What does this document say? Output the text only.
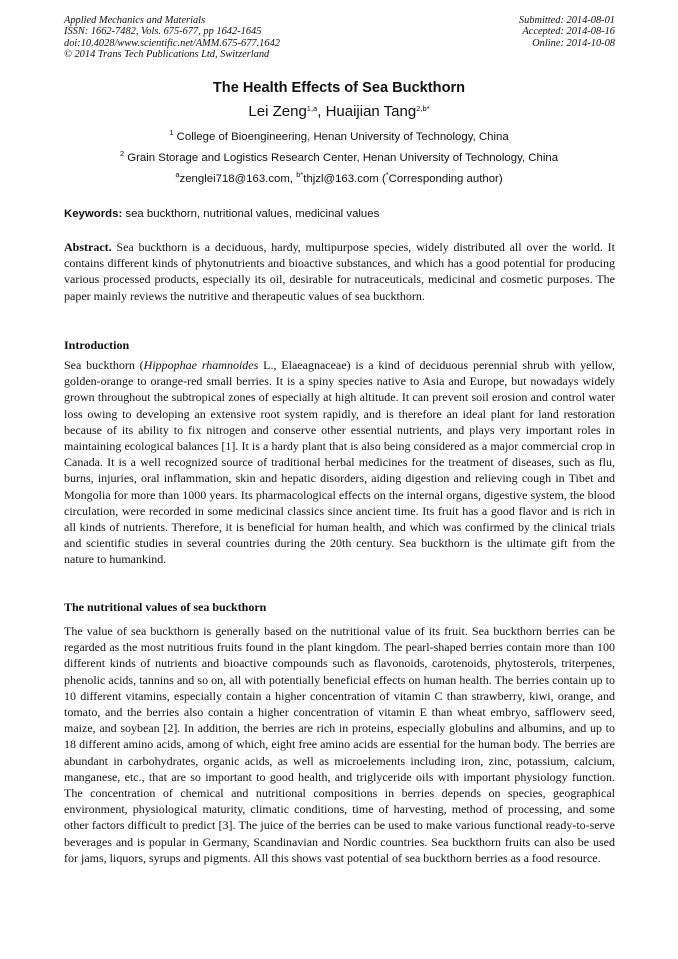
Applied Mechanics and Materials
ISSN: 1662-7482, Vols. 675-677, pp 1642-1645
doi:10.4028/www.scientific.net/AMM.675-677.1642
© 2014 Trans Tech Publications Ltd, Switzerland
Submitted: 2014-08-01
Accepted: 2014-08-16
Online: 2014-10-08
The Health Effects of Sea Buckthorn
Lei Zeng$^{1,a}$, Huaijian Tang$^{2,b*}$
$^1$ College of Bioengineering, Henan University of Technology, China
$^2$ Grain Storage and Logistics Research Center, Henan University of Technology, China
$^a$zenglei718@163.com, $^{b*}$thjzl@163.com (*Corresponding author)
Keywords: sea buckthorn, nutritional values, medicinal values
Abstract. Sea buckthorn is a deciduous, hardy, multipurpose species, widely distributed all over the world. It contains different kinds of phytonutrients and bioactive substances, and which has a good potential for producing various processed products, especially its oil, desirable for nutraceuticals, medicinal and cosmetic purposes. The paper mainly reviews the nutritive and therapeutic values of sea buckthorn.
Introduction
Sea buckthorn (Hippophae rhamnoides L., Elaeagnaceae) is a kind of deciduous perennial shrub with yellow, golden-orange to orange-red small berries. It is a spiny species native to Asia and Europe, but nowadays widely grown throughout the subtropical zones of especially at high altitude. It can prevent soil erosion and control water loss owing to developing an extensive root system rapidly, and is therefore an ideal plant for land restoration because of its ability to fix nitrogen and conserve other essential nutrients, and plays very important roles in maintaining ecological balances [1]. It is a hardy plant that is also being considered as a major commercial crop in Canada. It is a well recognized source of traditional herbal medicines for the treatment of diseases, such as flu, burns, injuries, oral inflammation, skin and hepatic disorders, aiding digestion and relieving cough in Tibet and Mongolia for more than 1000 years. Its pharmacological effects on the internal organs, digestive system, the blood circulation, were recorded in some medicinal classics since ancient time. Its fruit has a good flavor and is rich in all kinds of nutrients. Therefore, it is beneficial for human health, and which was confirmed by the clinical trials and scientific studies in several countries during the 20th century. Sea buckthorn is the ultimate gift from the nature to humankind.
The nutritional values of sea buckthorn
The value of sea buckthorn is generally based on the nutritional value of its fruit. Sea buckthorn berries can be regarded as the most nutritious fruits found in the plant kingdom. The pearl-shaped berries contain more than 100 different kinds of nutrients and bioactive compounds such as flavonoids, carotenoids, phytosterols, triterpenes, phenolic acids, tannins and so on, all with potentially beneficial effects on human health. The berries contain up to 10 different vitamins, especially contain a higher concentration of vitamin C than strawberry, kiwi, orange, and tomato, and the berries also contain a higher concentration of vitamin E than wheat embryo, safflowerv seed, maize, and soybean [2]. In addition, the berries are rich in proteins, especially globulins and albumins, and up to 18 different amino acids, among of which, eight free amino acids are essential for the human body. The berries are abundant in carbohydrates, organic acids, as well as microelements including iron, zinc, potassium, calcium, manganese, etc., that are so important to good health, and triglyceride oils with important physiology function. The concentration of chemical and nutritional compositions in berries depends on species, geographical environment, physiological maturity, climatic conditions, time of harvesting, method of processing, and some other factors difficult to predict [3]. The juice of the berries can be used to make various functional ready-to-serve beverages and is popular in Germany, Scandinavian and Nordic countries. Sea buckthorn fruits can also be used for jams, liquors, syrups and pigments. All this shows vast potential of sea buckthorn berries as a food resource.
